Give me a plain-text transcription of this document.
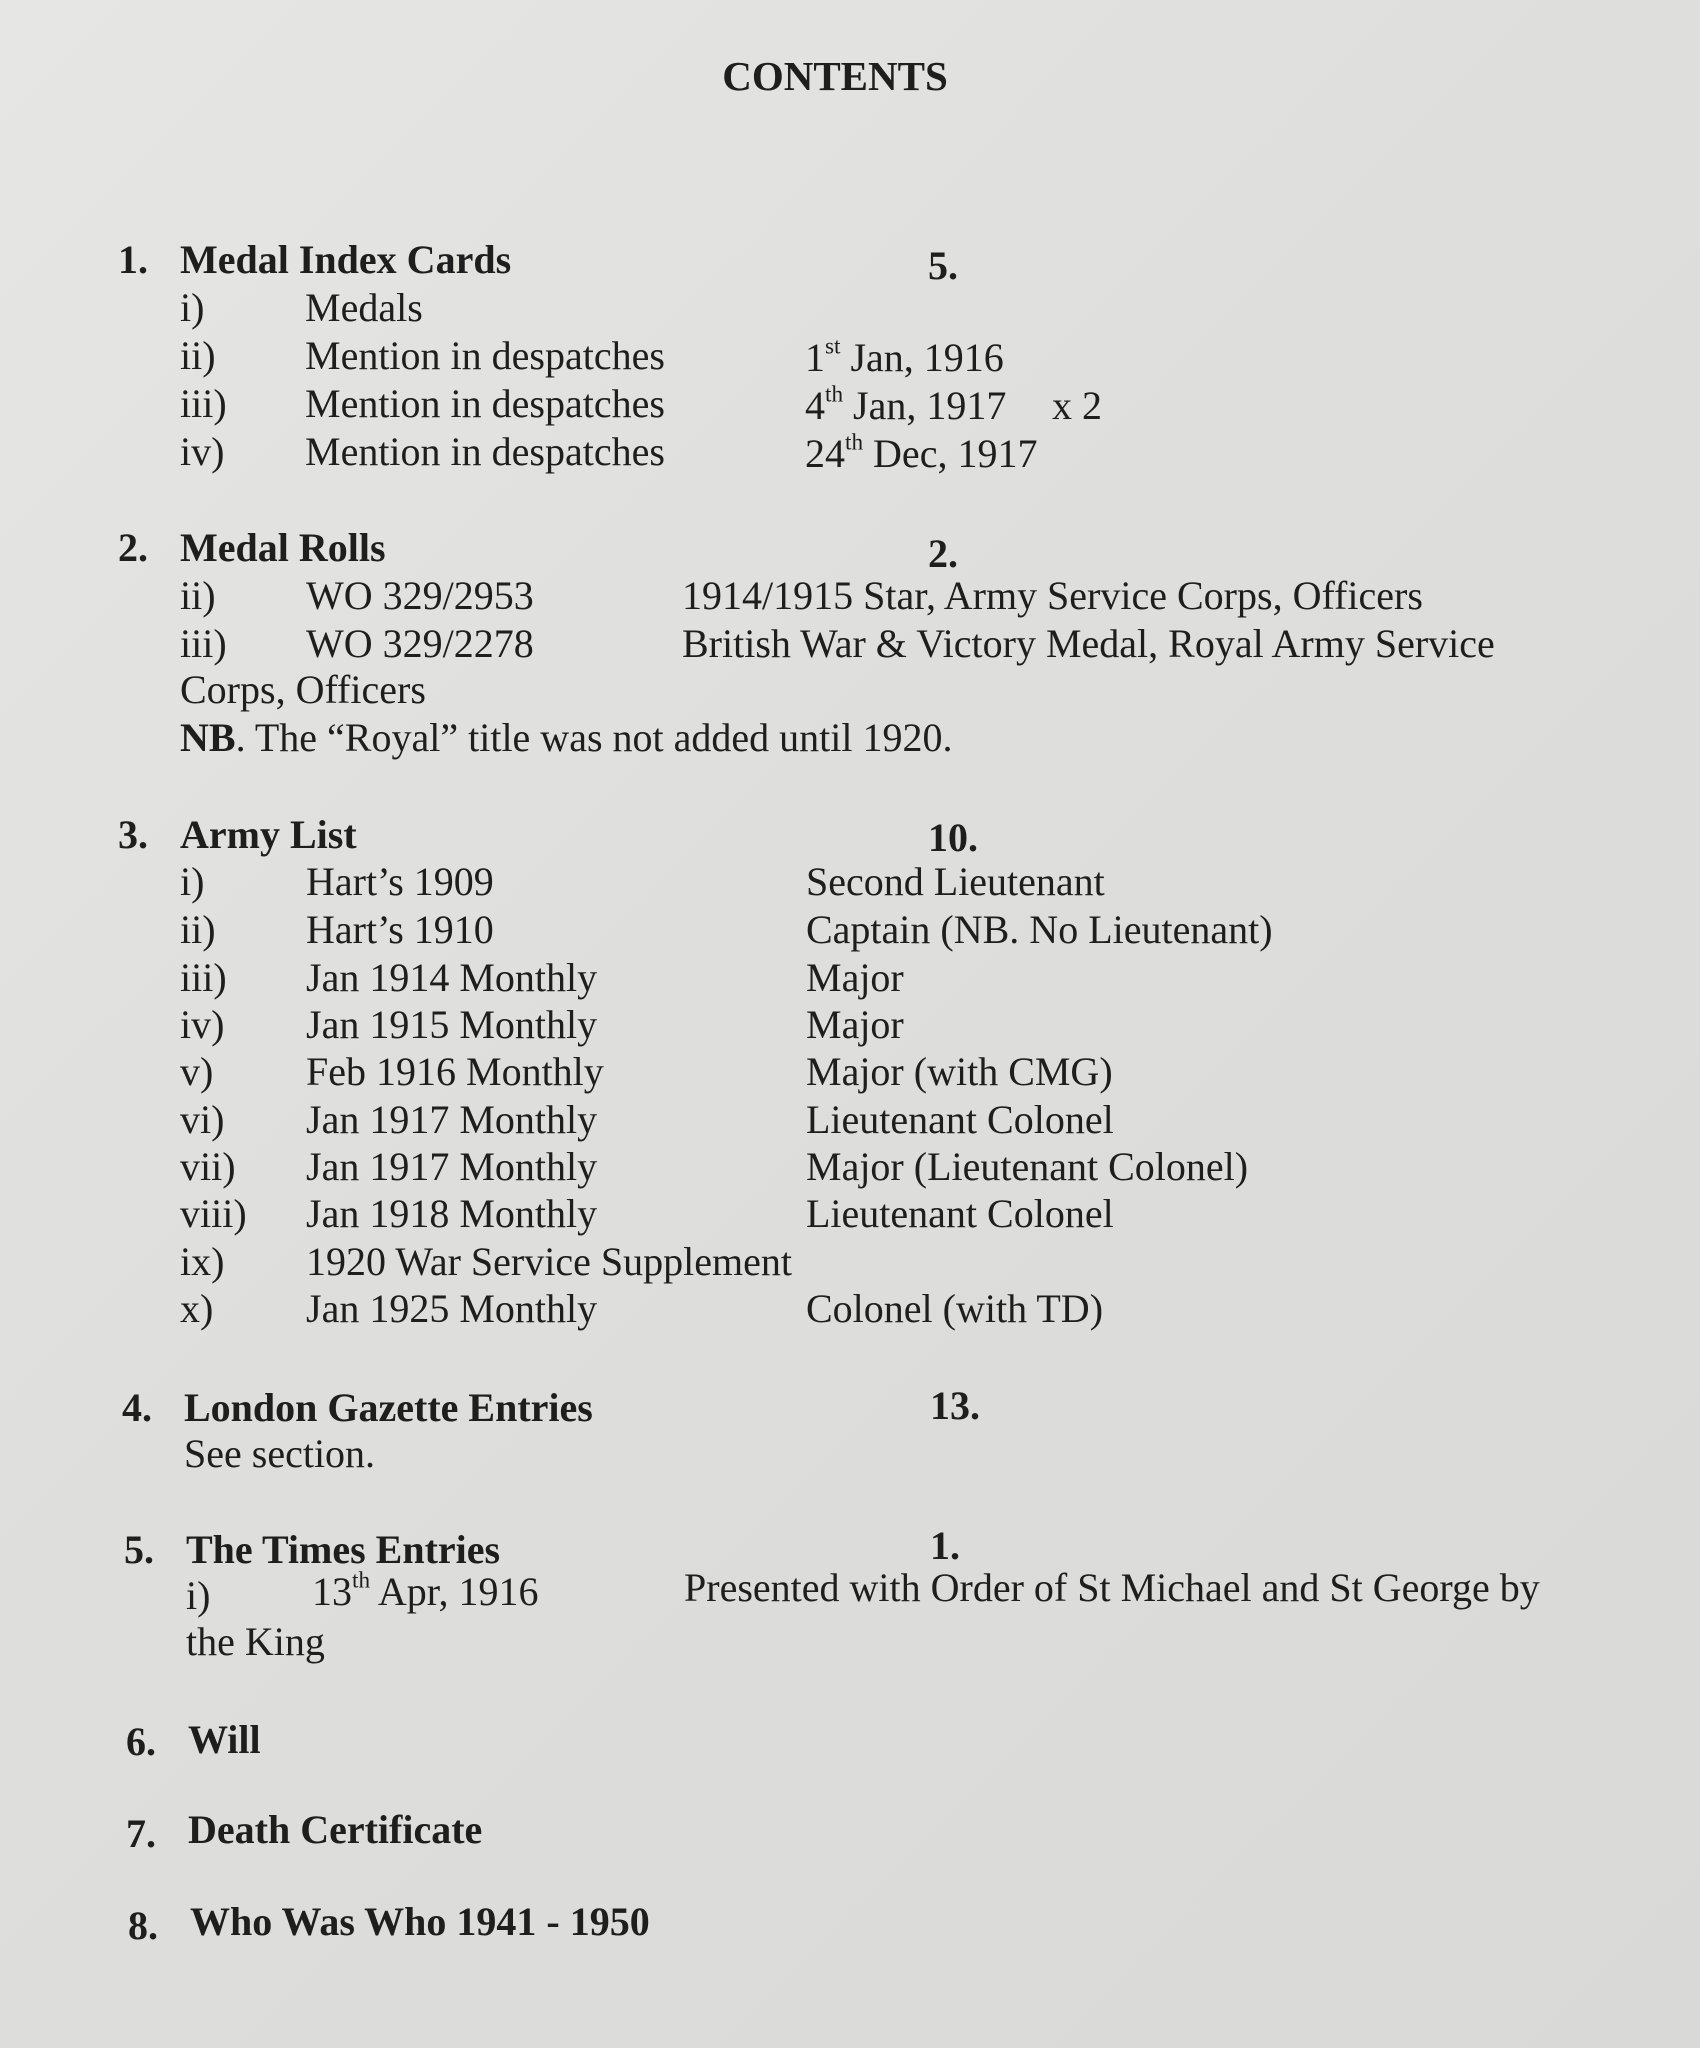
CONTENTS
1. Medal Index Cards	5.
i)	Medals
ii) Mention in despatches	1st Jan, 1916
iii) Mention in despatches	4th Jan, 1917 x 2
iv) Mention in despatches	24th Dec, 1917
2. Medal Rolls	2.
ii) WO 329/2953	1914/1915 Star, Army Service Corps, Officers
iii) WO 329/2278	British War & Victory Medal, Royal Army Service
Corps, Officers
NB. The “Royal” title was not added until 1920.
3. Army List	10.
i)	Hart’s 1909	Second Lieutenant
ii) Hart’s 1910	Captain (NB. No Lieutenant)
iii) Jan 1914 Monthly	Major
iv) Jan 1915 Monthly	Major
v) Feb 1916 Monthly	Major (with CMG)
vi) Jan 1917 Monthly	Lieutenant Colonel
vii) Jan 1917 Monthly	Major (Lieutenant Colonel)
viii) Jan 1918 Monthly	Lieutenant Colonel
ix) 1920 War Service Supplement
x) Jan 1925 Monthly	Colonel (with TD)
4. London Gazette Entries	13.
See section.
5. The Times Entries	1.
i)	13th Apr, 1916	Presented with Order of St Michael and St George by
the King
6. Will
7. Death Certificate
8. Who Was Who 1941 - 1950
